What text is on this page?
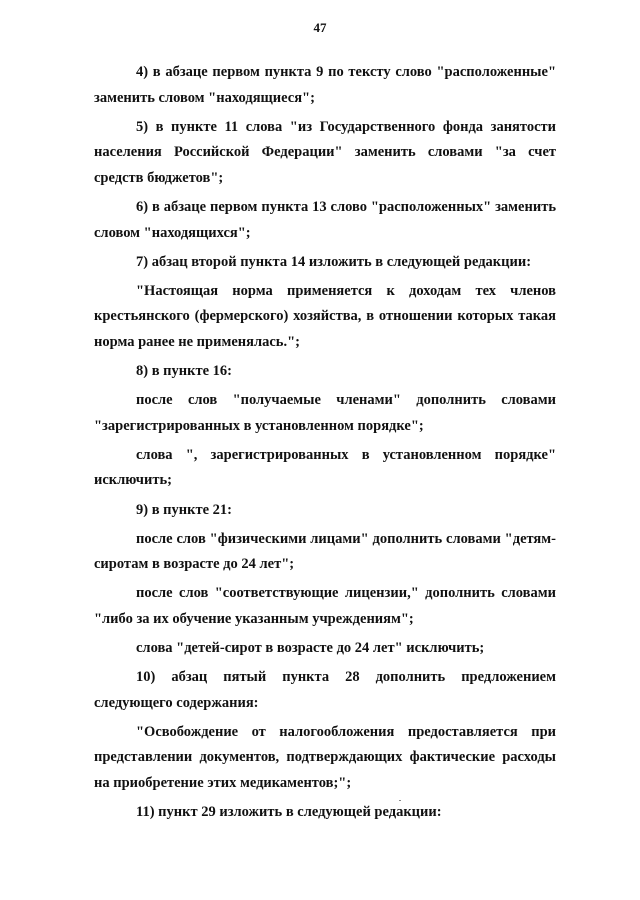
47

4) в абзаце первом пункта 9 по тексту слово "расположенные" заменить словом "находящиеся";

5) в пункте 11 слова "из Государственного фонда занятости населения Российской Федерации" заменить словами "за счет средств бюджетов";

6) в абзаце первом пункта 13 слово "расположенных" заменить словом "находящихся";

7) абзац второй пункта 14 изложить в следующей редакции:

"Настоящая норма применяется к доходам тех членов крестьянского (фермерского) хозяйства, в отношении которых такая норма ранее не применялась.";

8) в пункте 16:

после слов "получаемые членами" дополнить словами "зарегистрированных в установленном порядке";

слова ", зарегистрированных в установленном порядке" исключить;

9) в пункте 21:

после слов "физическими лицами" дополнить словами "детям-сиротам в возрасте до 24 лет";

после слов "соответствующие лицензии," дополнить словами "либо за их обучение указанным учреждениям";

слова "детей-сирот в возрасте до 24 лет" исключить;

10) абзац пятый пункта 28 дополнить предложением следующего содержания:

"Освобождение от налогообложения предоставляется при представлении документов, подтверждающих фактические расходы на приобретение этих медикаментов;";

11) пункт 29 изложить в следующей редакции:
